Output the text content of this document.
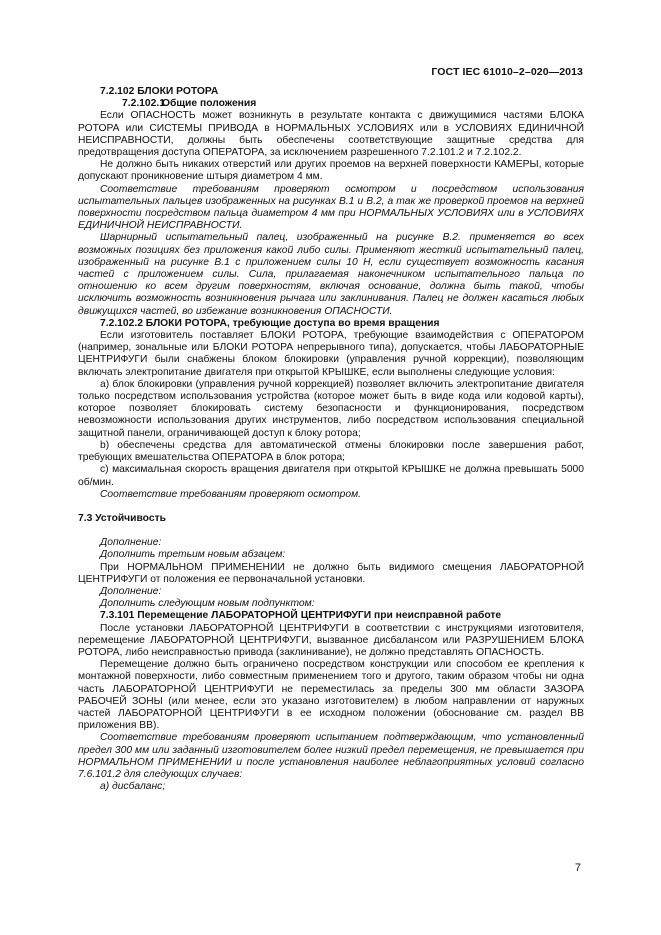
ГОСТ IEC 61010–2–020—2013

7.2.102 БЛОКИ РОТОРА

7.2.102.1Общие положения

Если ОПАСНОСТЬ может возникнуть в результате контакта с движущимися частями БЛОКА РОТОРА или СИСТЕМЫ ПРИВОДА в НОРМАЛЬНЫХ УСЛОВИЯХ или в УСЛОВИЯХ ЕДИНИЧНОЙ НЕИСПРАВНОСТИ, должны быть обеспечены соответствующие защитные средства для предотвращения доступа ОПЕРАТОРА, за исключением разрешенного 7.2.101.2 и 7.2.102.2.

Не должно быть никаких отверстий или других проемов на верхней поверхности КАМЕРЫ, которые допускают проникновение штыря диаметром 4 мм.

Соответствие требованиям проверяют осмотром и посредством использования испытательных пальцев изображенных на рисунках В.1 и В.2, а так же проверкой проемов на верхней поверхности посредством пальца диаметром 4 мм при НОРМАЛЬНЫХ УСЛОВИЯХ или в УСЛОВИЯХ ЕДИНИЧНОЙ НЕИСПРАВНОСТИ.

Шарнирный испытательный палец, изображенный на рисунке В.2. применяется во всех возможных позициях без приложения какой либо силы. Применяют жесткий испытательный палец, изображенный на рисунке В.1 с приложением силы 10 Н, если существует возможность касания частей с приложением силы. Сила, прилагаемая наконечником испытательного пальца по отношению ко всем другим поверхностям, включая основание, должна быть такой, чтобы исключить возможность возникновения рычага или заклинивания. Палец не должен касаться любых движущихся частей, во избежание возникновения ОПАСНОСТИ.

7.2.102.2 БЛОКИ РОТОРА, требующие доступа во время вращения

Если изготовитель поставляет БЛОКИ РОТОРА, требующие взаимодействия с ОПЕРАТОРОМ (например, зональные или БЛОКИ РОТОРА непрерывного типа), допускается, чтобы ЛАБОРАТОРНЫЕ ЦЕНТРИФУГИ были снабжены блоком блокировки (управления ручной коррекции), позволяющим включать электропитание двигателя при открытой КРЫШКЕ, если выполнены следующие условия:

а) блок блокировки (управления ручной коррекцией) позволяет включить электропитание двигателя только посредством использования устройства (которое может быть в виде кода или кодовой карты), которое позволяет блокировать систему безопасности и функционирования, посредством невозможности использования других инструментов, либо посредством использования специальной защитной панели, ограничивающей доступ к блоку ротора;

b) обеспечены средства для автоматической отмены блокировки после завершения работ, требующих вмешательства ОПЕРАТОРА в блок ротора;

с) максимальная скорость вращения двигателя при открытой КРЫШКЕ не должна превышать 5000 об/мин.

Соответствие требованиям проверяют осмотром.

7.3 Устойчивость

Дополнение:

Дополнить третьим новым абзацем:

При НОРМАЛЬНОМ ПРИМЕНЕНИИ не должно быть видимого смещения ЛАБОРАТОРНОЙ ЦЕНТРИФУГИ от положения ее первоначальной установки.

Дополнение:

Дополнить следующим новым подпунктом:

7.3.101 Перемещение ЛАБОРАТОРНОЙ ЦЕНТРИФУГИ при неисправной работе

После установки ЛАБОРАТОРНОЙ ЦЕНТРИФУГИ в соответствии с инструкциями изготовителя, перемещение ЛАБОРАТОРНОЙ ЦЕНТРИФУГИ, вызванное дисбалансом или РАЗРУШЕНИЕМ БЛОКА РОТОРА, либо неисправностью привода (заклинивание), не должно представлять ОПАСНОСТЬ.

Перемещение должно быть ограничено посредством конструкции или способом ее крепления к монтажной поверхности, либо совместным применением того и другого, таким образом чтобы ни одна часть ЛАБОРАТОРНОЙ ЦЕНТРИФУГИ не переместилась за пределы 300 мм области ЗАЗОРА РАБОЧЕЙ ЗОНЫ (или менее, если это указано изготовителем) в любом направлении от наружных частей ЛАБОРАТОРНОЙ ЦЕНТРИФУГИ в ее исходном положении (обоснование см. раздел ВВ приложения ВВ).

Соответствие требованиям проверяют испытанием подтверждающим, что установленный предел 300 мм или заданный изготовителем более низкий предел перемещения, не превышается при НОРМАЛЬНОМ ПРИМЕНЕНИИ и после установления наиболее неблагоприятных условий согласно 7.6.101.2 для следующих случаев:

а) дисбаланс;

7
